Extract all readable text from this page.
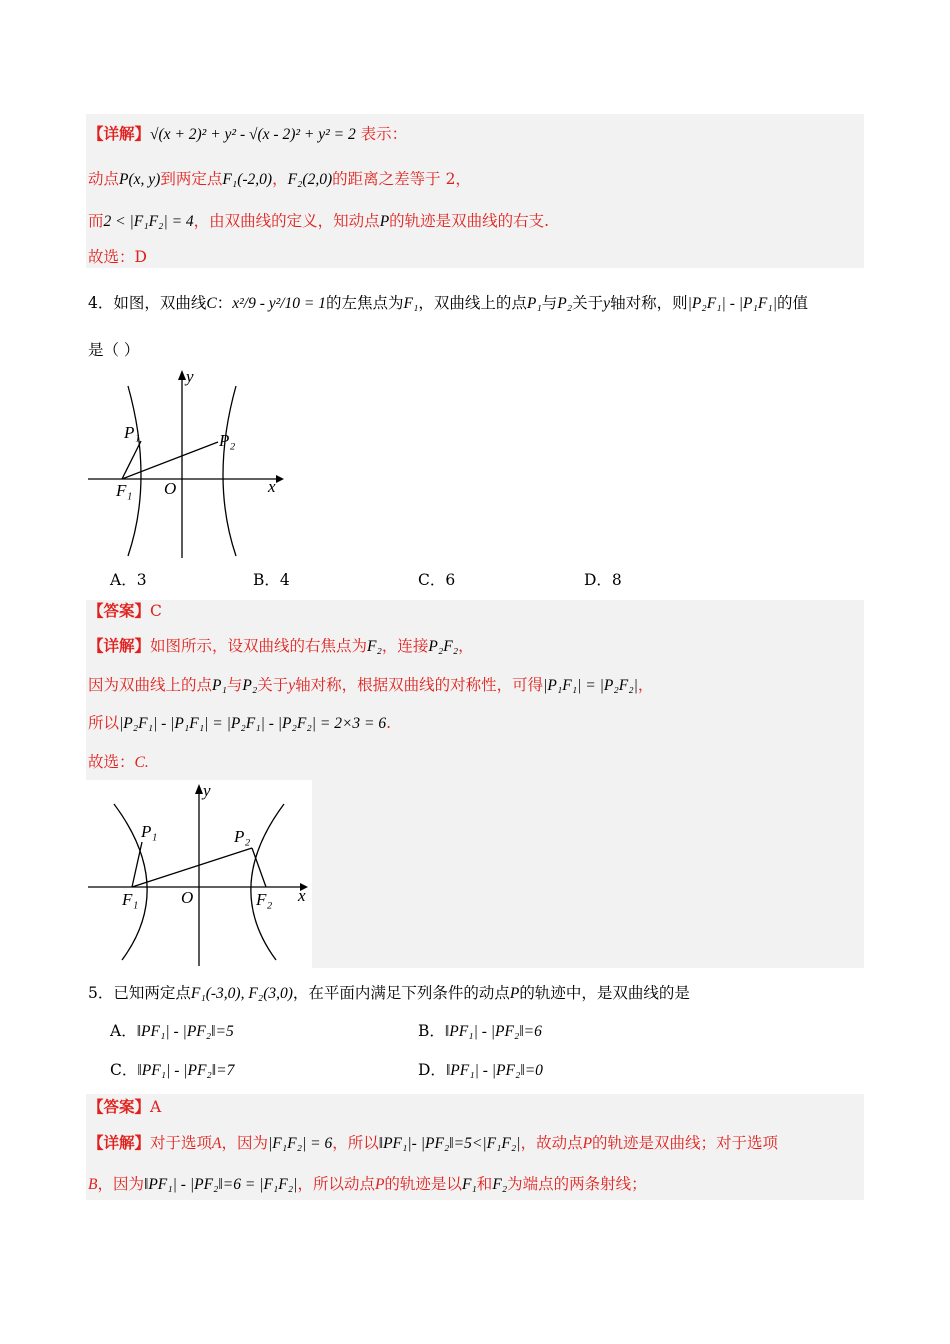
【详解】√(x + 2)² + y² - √(x - 2)² + y² = 2 表示：
动点P(x, y)到两定点F₁(-2,0)，F₂(2,0)的距离之差等于 2，
而2 < |F₁F₂| = 4，由双曲线的定义，知动点P的轨迹是双曲线的右支.
故选：D
4．如图，双曲线C：x²/9 - y²/10 = 1的左焦点为F₁，双曲线上的点P₁与P₂关于y轴对称，则|P₂F₁| - |P₁F₁|的值
是（ ）
P₁	P₂
F₁ O	x
y
A．3	B．4	C．6	D．8
【答案】C
【详解】如图所示，设双曲线的右焦点为F₂，连接P₂F₂，
因为双曲线上的点P₁与P₂关于y轴对称，根据双曲线的对称性，可得|P₁F₁| = |P₂F₂|，
所以|P₂F₁| - |P₁F₁| = |P₂F₁| - |P₂F₂| = 2×3 = 6.
故选：C.
P₁	P₂
F₁	F₂
O	x
y
5．已知两定点F₁(-3,0), F₂(3,0)，在平面内满足下列条件的动点P的轨迹中，是双曲线的是
A．‖PF₁| - |PF₂‖=5	B．‖PF₁| - |PF₂‖=6
C．‖PF₁| - |PF₂‖=7	D．‖PF₁| - |PF₂‖=0
【答案】A
【详解】对于选项A，因为|F₁F₂| = 6，所以‖PF₁|- |PF₂‖=5<|F₁F₂|，故动点P的轨迹是双曲线；对于选项
B，因为‖PF₁| - |PF₂‖=6 = |F₁F₂|，所以动点P的轨迹是以F₁和F₂为端点的两条射线；
